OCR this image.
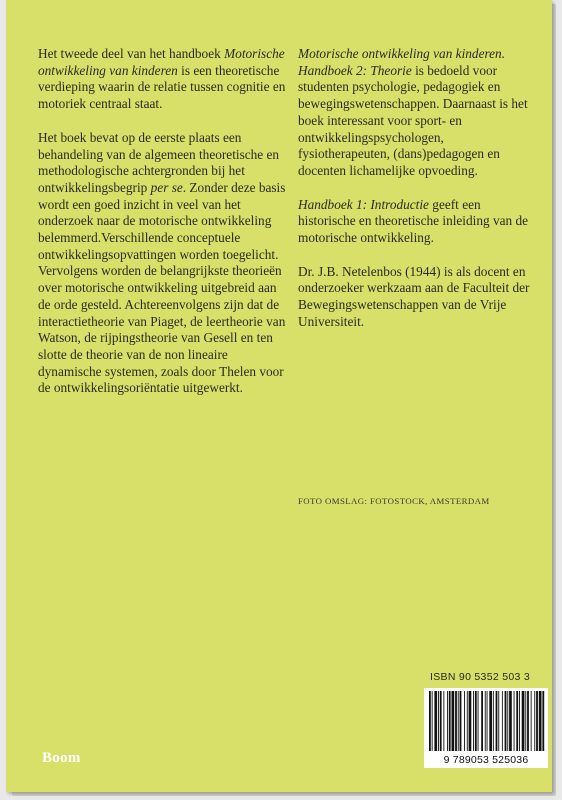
Het tweede deel van het handboek Motorische ontwikkeling van kinderen is een theoretische verdieping waarin de relatie tussen cognitie en motoriek centraal staat.

Het boek bevat op de eerste plaats een behandeling van de algemeen theoretische en methodologische achtergronden bij het ontwikkelingsbegrip per se. Zonder deze basis wordt een goed inzicht in veel van het onderzoek naar de motorische ontwikkeling belemmerd.Verschillende conceptuele ontwikkelingsopvattingen worden toegelicht. Vervolgens worden de belangrijkste theorieën over motorische ontwikkeling uitgebreid aan de orde gesteld. Achtereenvolgens zijn dat de interactietheorie van Piaget, de leertheorie van Watson, de rijpingstheorie van Gesell en ten slotte de theorie van de non lineaire dynamische systemen, zoals door Thelen voor de ontwikkelingsoriëntatie uitgewerkt.

Motorische ontwikkeling van kinderen. Handboek 2: Theorie is bedoeld voor studenten psychologie, pedagogiek en bewegingswetenschappen. Daarnaast is het boek interessant voor sport- en ontwikkelingspsychologen, fysiotherapeuten, (dans)pedagogen en docenten lichamelijke opvoeding.

Handboek 1: Introductie geeft een historische en theoretische inleiding van de motorische ontwikkeling.

Dr. J.B. Netelenbos (1944) is als docent en onderzoeker werkzaam aan de Faculteit der Bewegingswetenschappen van de Vrije Universiteit.

FOTO OMSLAG: FOTOSTOCK, AMSTERDAM
ISBN 90 5352 503 3
9 789053 525036
Boom
